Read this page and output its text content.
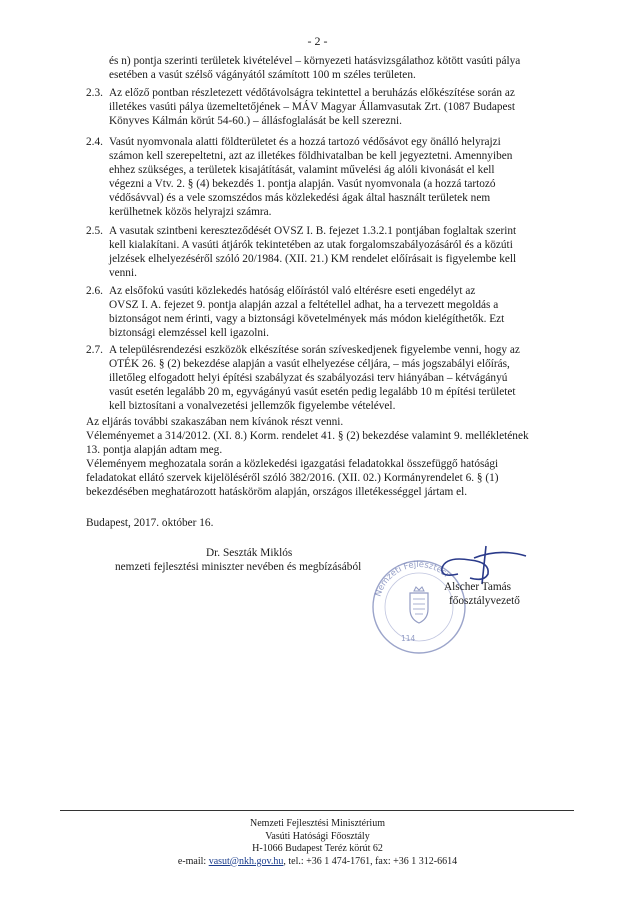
- 2 -
és n) pontja szerinti területek kivételével – környezeti hatásvizsgálathoz kötött vasúti pálya
esetében a vasút szélső vágányától számított 100 m széles területen.
2.3. Az előző pontban részletezett védőtávolságra tekintettel a beruházás előkészítése során az
illetékes vasúti pálya üzemeltetőjének – MÁV Magyar Államvasutak Zrt. (1087 Budapest
Könyves Kálmán körút 54-60.) – állásfoglalását be kell szerezni.
2.4. Vasút nyomvonala alatti földterületet és a hozzá tartozó védősávot egy önálló helyrajzi
számon kell szerepeltetni, azt az illetékes földhivatalban be kell jegyeztetni. Amennyiben
ehhez szükséges, a területek kisajátítását, valamint művelési ág alóli kivonását el kell
végezni a Vtv. 2. § (4) bekezdés 1. pontja alapján. Vasút nyomvonala (a hozzá tartozó
védősávval) és a vele szomszédos más közlekedési ágak által használt területek nem
kerülhetnek közös helyrajzi számra.
2.5. A vasutak szintbeni kereszteződését OVSZ I. B. fejezet 1.3.2.1 pontjában foglaltak szerint
kell kialakítani. A vasúti átjárók tekintetében az utak forgalomszabályozásáról és a közúti
jelzések elhelyezéséről szóló 20/1984. (XII. 21.) KM rendelet előírásait is figyelembe kell
venni.
2.6. Az elsőfokú vasúti közlekedés hatóság előírástól való eltérésre eseti engedélyt az
OVSZ I. A. fejezet 9. pontja alapján azzal a feltétellel adhat, ha a tervezett megoldás a
biztonságot nem érinti, vagy a biztonsági követelmények más módon kielégíthetők. Ezt
biztonsági elemzéssel kell igazolni.
2.7. A településrendezési eszközök elkészítése során szíveskedjenek figyelembe venni, hogy az
OTÉK 26. § (2) bekezdése alapján a vasút elhelyezése céljára, – más jogszabályi előírás,
illetőleg elfogadott helyi építési szabályzat és szabályozási terv hiányában – kétvágányú
vasút esetén legalább 20 m, egyvágányú vasút esetén pedig legalább 10 m építési területet
kell biztosítani a vonalvezetési jellemzők figyelembe vételével.
Az eljárás további szakaszában nem kívánok részt venni.
Véleményemet a 314/2012. (XI. 8.) Korm. rendelet 41. § (2) bekezdése valamint 9. mellékletének
13. pontja alapján adtam meg.
Véleményem meghozatala során a közlekedési igazgatási feladatokkal összefüggő hatósági
feladatokat ellátó szervek kijelöléséről szóló 382/2016. (XII. 02.) Kormányrendelet 6. § (1)
bekezdésében meghatározott hatásköröm alapján, országos illetékességgel jártam el.
Budapest, 2017. október 16.
Dr. Seszták Miklós
nemzeti fejlesztési miniszter nevében és megbízásából
Nemzeti Fejlesztési
114
Alscher Tamás
főosztályvezető
Nemzeti Fejlesztési Minisztérium
Vasúti Hatósági Főosztály
H-1066 Budapest Teréz körút 62
e-mail: vasut@nkh.gov.hu, tel.: +36 1 474-1761, fax: +36 1 312-6614
